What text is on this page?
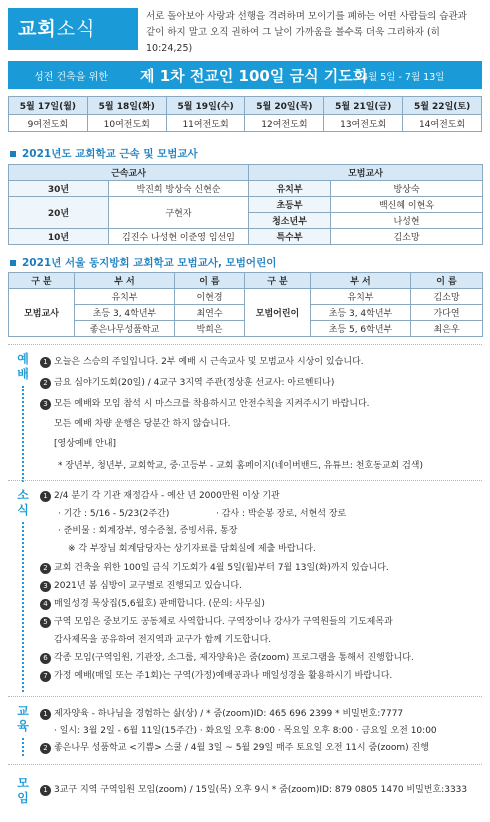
교회소식
서로 돌아보아 사랑과 선행을 격려하며 모이기를 폐하는 어떤 사람들의 습관과
같이 하지 말고 오직 권하여 그 날이 가까움을 볼수록 더욱 그리하자 (히10:24,25)
성전 건축을 위한 제 1차 전교인 100일 금식 기도회
4월 5일 - 7월 13일
5월 17일(월)	5월 18일(화)	5월 19일(수)	5월 20일(목)	5월 21일(금)	5월 22일(토)
9여전도회	10여전도회	11여전도회	12여전도회	13여전도회	14여전도회
2021년도 교회학교 근속 및 모범교사
근속교사		모범교사	
30년	박진희 방상숙 신현순	유치부	방상숙
20년	구현자	초등부	백신혜 이현옥
		청소년부	나성현
10년	김진수 나성현 이준영 임선임	특수부	김소망
2021년 서울 동지방회 교회학교 모범교사, 모범어린이
구 분	부 서	이 름	구 분	부 서	이 름
모범교사	유치부	이현경	모범어린이	유치부	김소망
	초등 3, 4학년부	최연수		초등 3, 4학년부	가다연
	좋은나무성품학교	박희은		초등 5, 6학년부	최은우
예
배
1 오늘은 스승의 주일입니다. 2부 예배 시 근속교사 및 모범교사 시상이 있습니다.
2 금요 심야기도회(20일) / 4교구 3지역 주관(정상훈 선교사: 아르헨티나)
3 모든 예배와 모임 참석 시 마스크를 착용하시고 안전수칙을 지켜주시기 바랍니다.
모든 예배 차량 운행은 당분간 하지 않습니다.
[영상예배 안내]
* 장년부, 청년부, 교회학교, 중·고등부 - 교회 홈페이지(네이버밴드, 유튜브: 천호동교회 검색)
소
식
1 2/4 분기 각 기관 재정감사 - 예산 년 2000만원 이상 기관
· 기간 : 5/16 - 5/23(2주간)	· 감사 : 박순봉 장로, 서현석 장로
· 준비물 : 회계장부, 영수증철, 증빙서류, 통장
※ 각 부장님 회계담당자는 상기자료를 담회실에 제출 바랍니다.
2 교회 건축을 위한 100일 금식 기도회가 4월 5일(월)부터 7월 13일(화)까지 있습니다.
3 2021년 봄 심방이 교구별로 진행되고 있습니다.
4 매일성경 묵상집(5,6월호) 판매합니다. (문의: 사무실)
5 구역 모임은 중보기도 공동체로 사역합니다. 구역장이나 강사가 구역원들의 기도제목과
감사제목을 공유하여 전지역과 교구가 함께 기도합니다.
6 각종 모임(구역임원, 기관장, 소그룹, 제자양육)은 줌(zoom) 프로그램을 통해서 진행합니다.
7 가정 예배(매일 또는 주1회)는 구역(가정)예배공과나 매일성경을 활용하시기 바랍니다.
교
육
1 제자양육 - 하나님을 경험하는 삶(상) / * 줌(zoom)ID: 465 696 2399 * 비밀번호:7777
· 일시: 3월 2일 - 6월 11일(15주간) · 화요일 오후 8:00 · 목요일 오후 8:00 · 금요일 오전 10:00
2 좋은나무 성품학교 <기쁨> 스쿨 / 4월 3일 ~ 5월 29일 매주 토요일 오전 11시 줌(zoom) 진행
모
임
1 3교구 지역 구역임원 모임(zoom) / 15일(목) 오후 9시 * 줌(zoom)ID: 879 0805 1470 비밀번호:3333
